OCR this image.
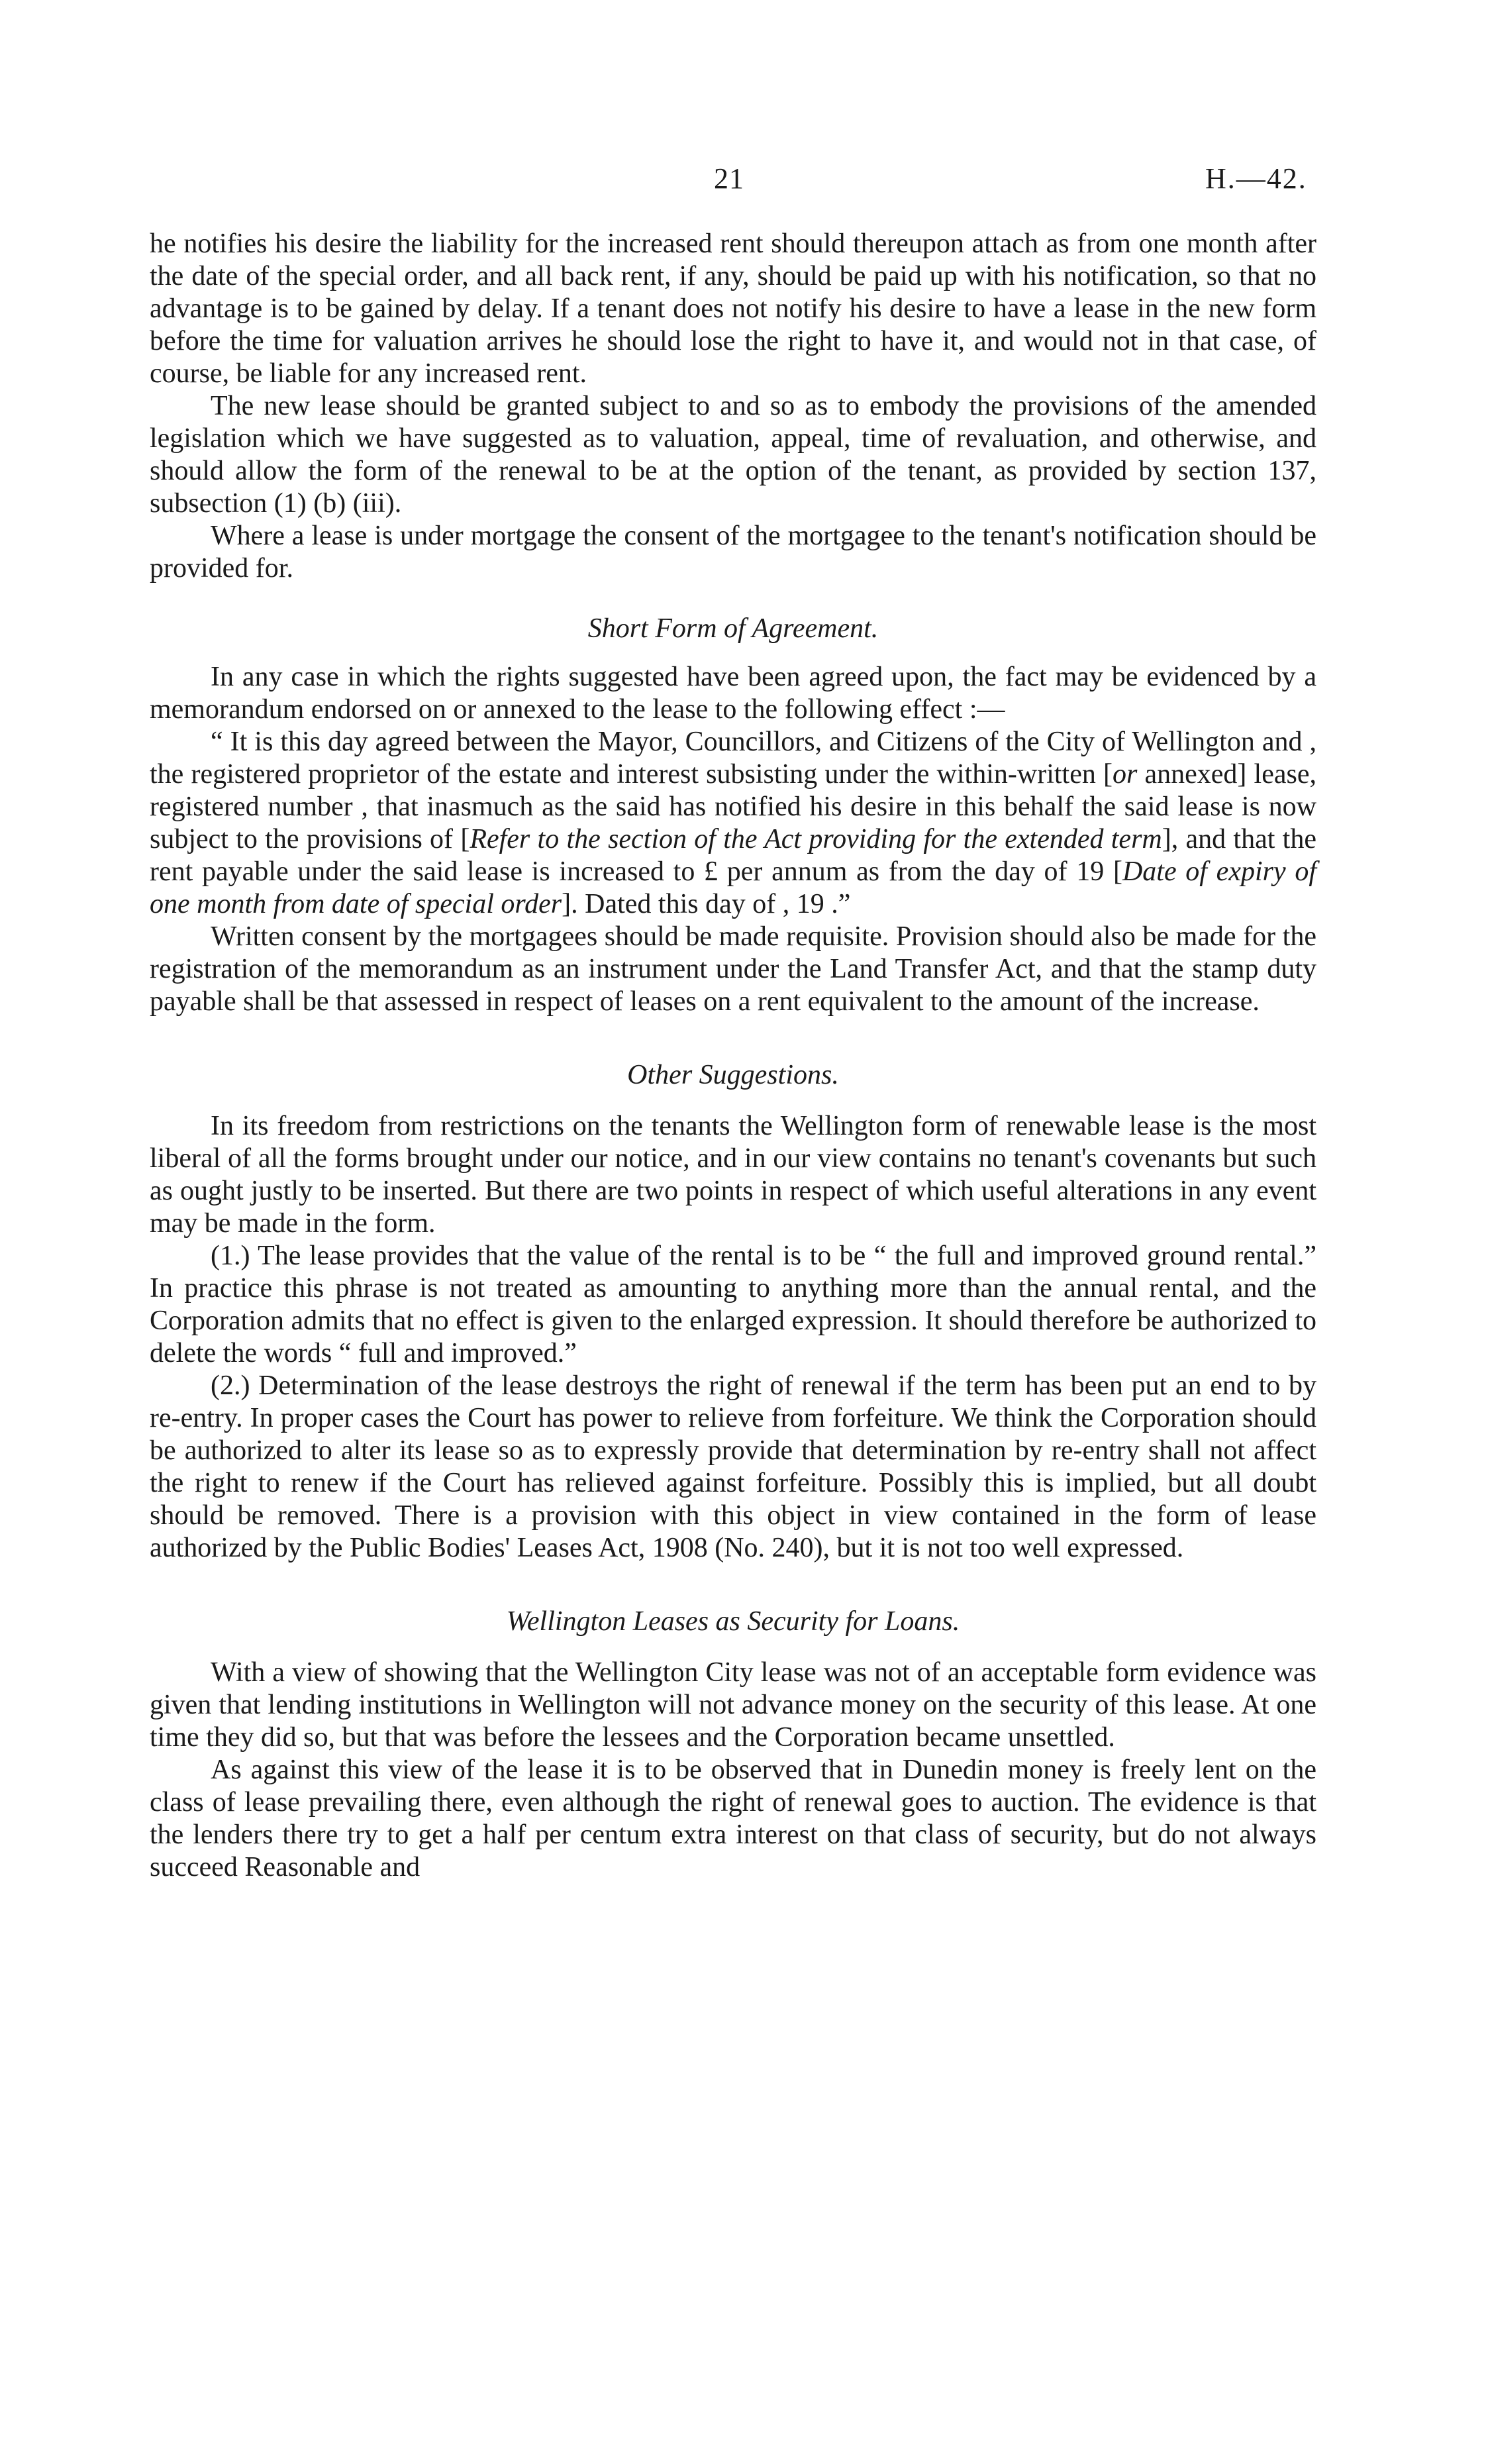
21	H.—42.

he notifies his desire the liability for the increased rent should thereupon attach as from one month after the date of the special order, and all back rent, if any, should be paid up with his notification, so that no advantage is to be gained by delay. If a tenant does not notify his desire to have a lease in the new form before the time for valuation arrives he should lose the right to have it, and would not in that case, of course, be liable for any increased rent.

The new lease should be granted subject to and so as to embody the provisions of the amended legislation which we have suggested as to valuation, appeal, time of revaluation, and otherwise, and should allow the form of the renewal to be at the option of the tenant, as provided by section 137, subsection (1) (b) (iii).

Where a lease is under mortgage the consent of the mortgagee to the tenant's notification should be provided for.

Short Form of Agreement.

In any case in which the rights suggested have been agreed upon, the fact may be evidenced by a memorandum endorsed on or annexed to the lease to the following effect :—

“ It is this day agreed between the Mayor, Councillors, and Citizens of the City of Wellington and , the registered proprietor of the estate and interest subsisting under the within-written [or annexed] lease, registered number , that inasmuch as the said has notified his desire in this behalf the said lease is now subject to the provisions of [Refer to the section of the Act providing for the extended term], and that the rent payable under the said lease is increased to £ per annum as from the day of 19 [Date of expiry of one month from date of special order]. Dated this day of , 19 .”

Written consent by the mortgagees should be made requisite. Provision should also be made for the registration of the memorandum as an instrument under the Land Transfer Act, and that the stamp duty payable shall be that assessed in respect of leases on a rent equivalent to the amount of the increase.

Other Suggestions.

In its freedom from restrictions on the tenants the Wellington form of renewable lease is the most liberal of all the forms brought under our notice, and in our view contains no tenant's covenants but such as ought justly to be inserted. But there are two points in respect of which useful alterations in any event may be made in the form.

(1.) The lease provides that the value of the rental is to be “ the full and improved ground rental.” In practice this phrase is not treated as amounting to anything more than the annual rental, and the Corporation admits that no effect is given to the enlarged expression. It should therefore be authorized to delete the words “ full and improved.”

(2.) Determination of the lease destroys the right of renewal if the term has been put an end to by re-entry. In proper cases the Court has power to relieve from forfeiture. We think the Corporation should be authorized to alter its lease so as to expressly provide that determination by re-entry shall not affect the right to renew if the Court has relieved against forfeiture. Possibly this is implied, but all doubt should be removed. There is a provision with this object in view contained in the form of lease authorized by the Public Bodies' Leases Act, 1908 (No. 240), but it is not too well expressed.

Wellington Leases as Security for Loans.

With a view of showing that the Wellington City lease was not of an acceptable form evidence was given that lending institutions in Wellington will not advance money on the security of this lease. At one time they did so, but that was before the lessees and the Corporation became unsettled.

As against this view of the lease it is to be observed that in Dunedin money is freely lent on the class of lease prevailing there, even although the right of renewal goes to auction. The evidence is that the lenders there try to get a half per centum extra interest on that class of security, but do not always succeed Reasonable and
